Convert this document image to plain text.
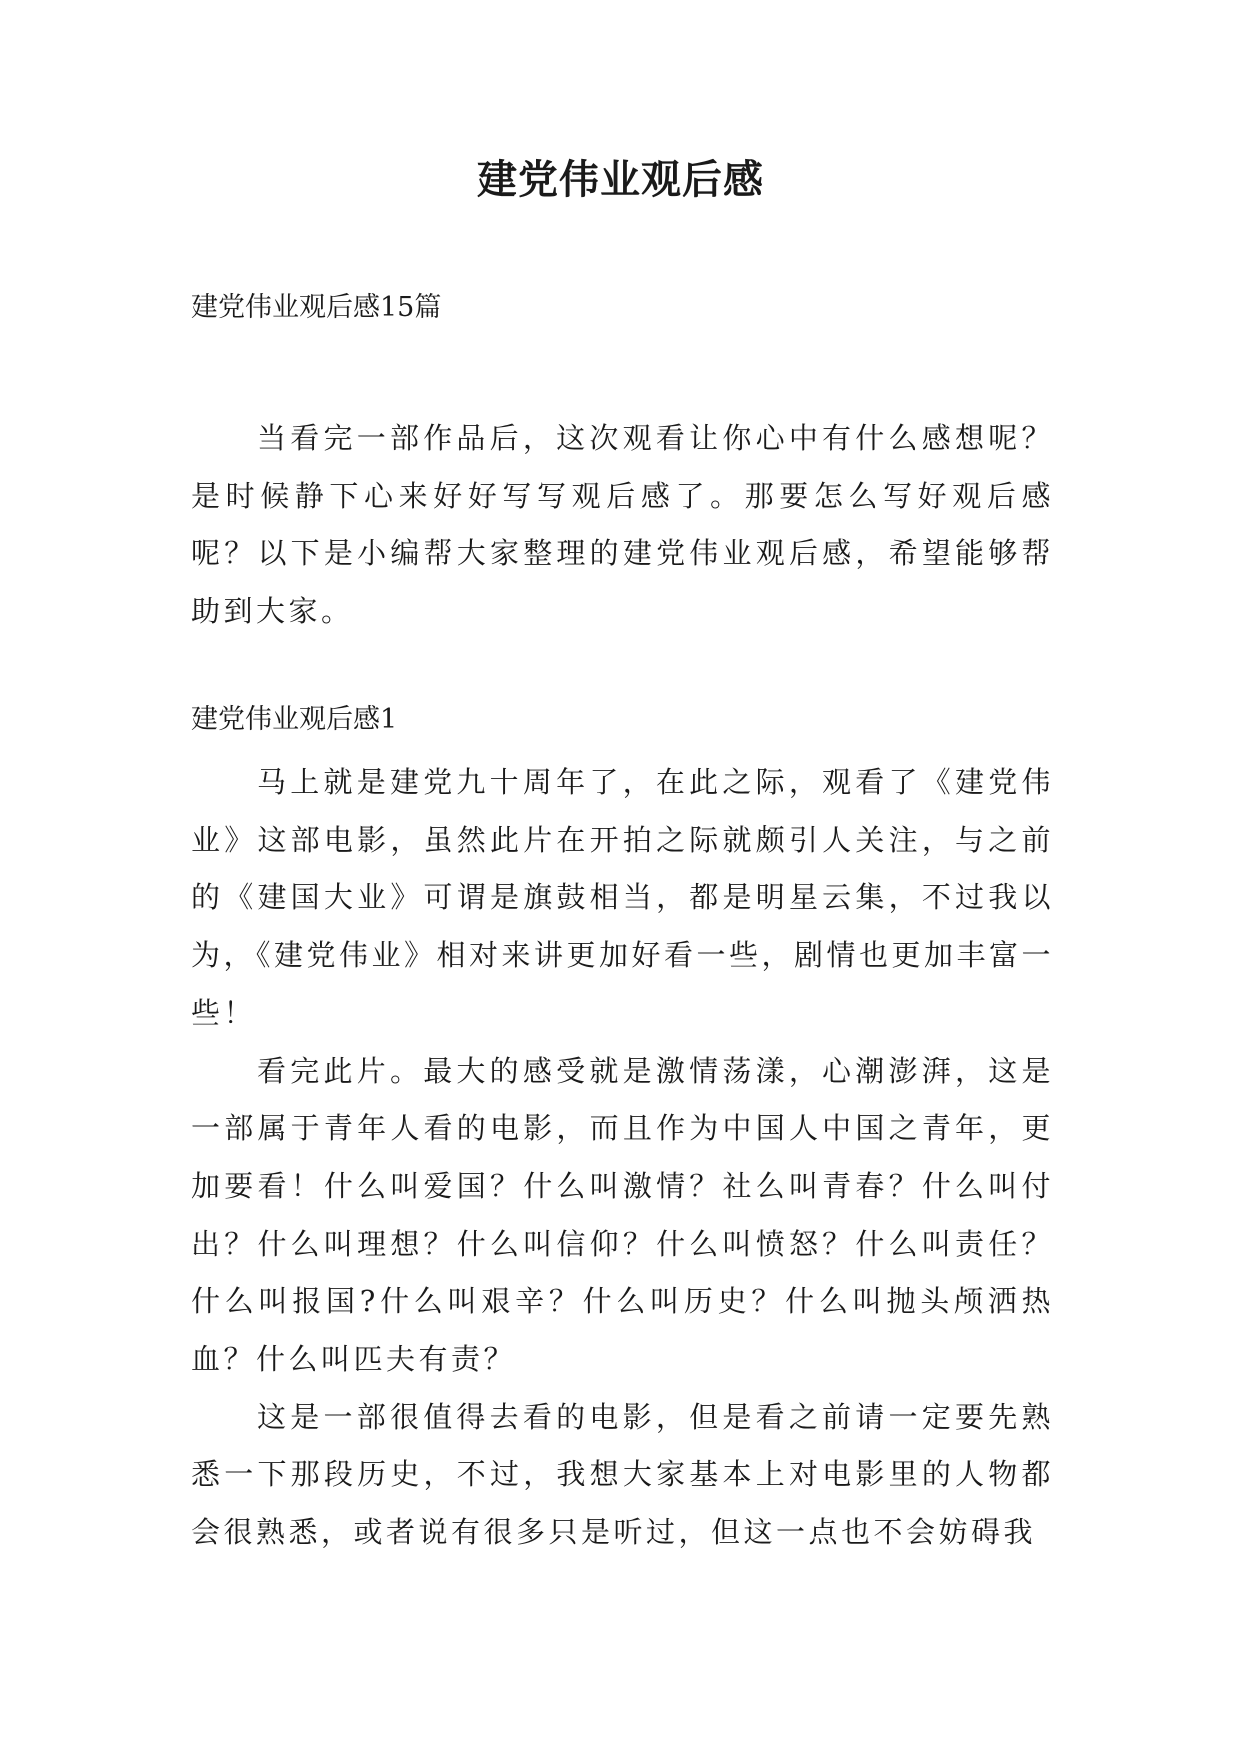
建党伟业观后感
建党伟业观后感15篇

当看完一部作品后，这次观看让你心中有什么感想呢？是时候静下心来好好写写观后感了。那要怎么写好观后感呢？以下是小编帮大家整理的建党伟业观后感，希望能够帮助到大家。

建党伟业观后感1

马上就是建党九十周年了，在此之际，观看了《建党伟业》这部电影，虽然此片在开拍之际就颇引人关注，与之前的《建国大业》可谓是旗鼓相当，都是明星云集，不过我以为，《建党伟业》相对来讲更加好看一些，剧情也更加丰富一些！

看完此片。最大的感受就是激情荡漾，心潮澎湃，这是一部属于青年人看的电影，而且作为中国人中国之青年，更加要看！什么叫爱国？什么叫激情？社么叫青春？什么叫付出？什么叫理想？什么叫信仰？什么叫愤怒？什么叫责任？什么叫报国?什么叫艰辛？什么叫历史？什么叫抛头颅洒热血？什么叫匹夫有责？

这是一部很值得去看的电影，但是看之前请一定要先熟悉一下那段历史，不过，我想大家基本上对电影里的人物都会很熟悉，或者说有很多只是听过，但这一点也不会妨碍我
